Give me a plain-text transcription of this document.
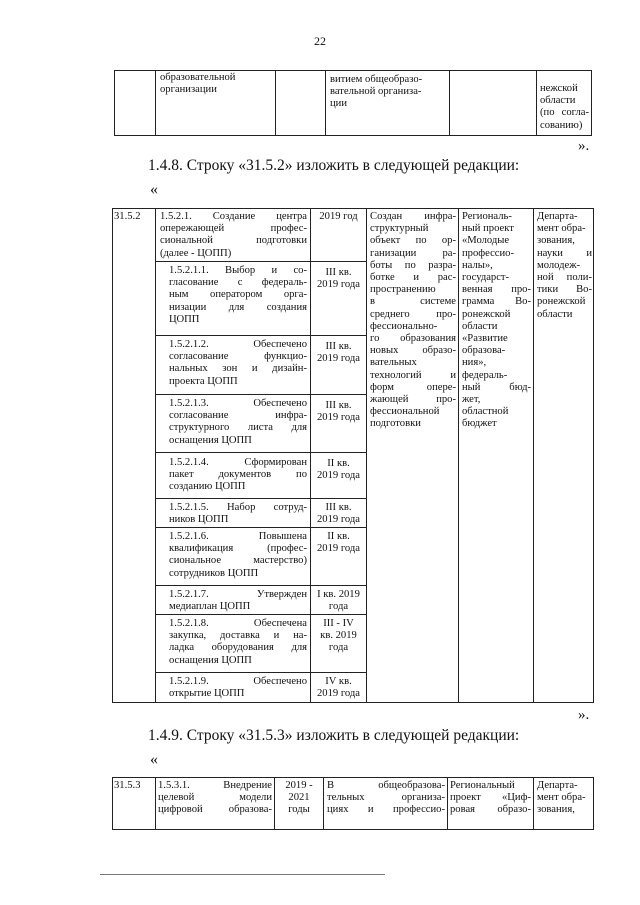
22
образовательной
организации
витием общеобразо-
вательной организа-
ции
нежской
области
(по согла-
сованию)
».
1.4.8. Строку «31.5.2» изложить в следующей редакции:
«
31.5.2	1.5.2.1. Создание центра
опережающей профес-
сиональной подготовки
(далее - ЦОПП)
2019 год
1.5.2.1.1. Выбор и со-
гласование с федераль-
ным оператором орга-
низации для создания
ЦОПП
III кв.
2019 года
1.5.2.1.2. Обеспечено
согласование функцио-
нальных зон и дизайн-
проекта ЦОПП
III кв.
2019 года
1.5.2.1.3. Обеспечено
согласование инфра-
структурного листа для
оснащения ЦОПП
III кв.
2019 года
1.5.2.1.4. Сформирован
пакет документов по
созданию ЦОПП
II кв.
2019 года
1.5.2.1.5. Набор сотруд-
ников ЦОПП
III кв.
2019 года
1.5.2.1.6. Повышена
квалификация (профес-
сиональное мастерство)
сотрудников ЦОПП
II кв.
2019 года
1.5.2.1.7. Утвержден
медиаплан ЦОПП
I кв. 2019
года
1.5.2.1.8. Обеспечена
закупка, доставка и на-
ладка оборудования для
оснащения ЦОПП
III - IV
кв. 2019
года
1.5.2.1.9. Обеспечено
открытие ЦОПП
IV кв.
2019 года
Создан инфра-
структурный
объект по ор-
ганизации ра-
боты по разра-
ботке и рас-
пространению
в системе
среднего про-
фессионально-
го образования
новых образо-
вательных
технологий и
форм опере-
жающей про-
фессиональной
подготовки
Региональ-
ный проект
«Молодые
профессио-
налы»,
государст-
венная про-
грамма Во-
ронежской
области
«Развитие
образова-
ния»,
федераль-
ный бюд-
жет,
областной
бюджет
Департа-
мент обра-
зования,
науки и
молодеж-
ной поли-
тики Во-
ронежской
области
».
1.4.9. Строку «31.5.3» изложить в следующей редакции:
«
31.5.3	1.5.3.1. Внедрение
целевой модели
цифровой образова-
2019 -
2021
годы
В общеобразова-
тельных организа-
циях и профессио-
Региональный
проект «Циф-
ровая образо-
Департа-
мент обра-
зования,
